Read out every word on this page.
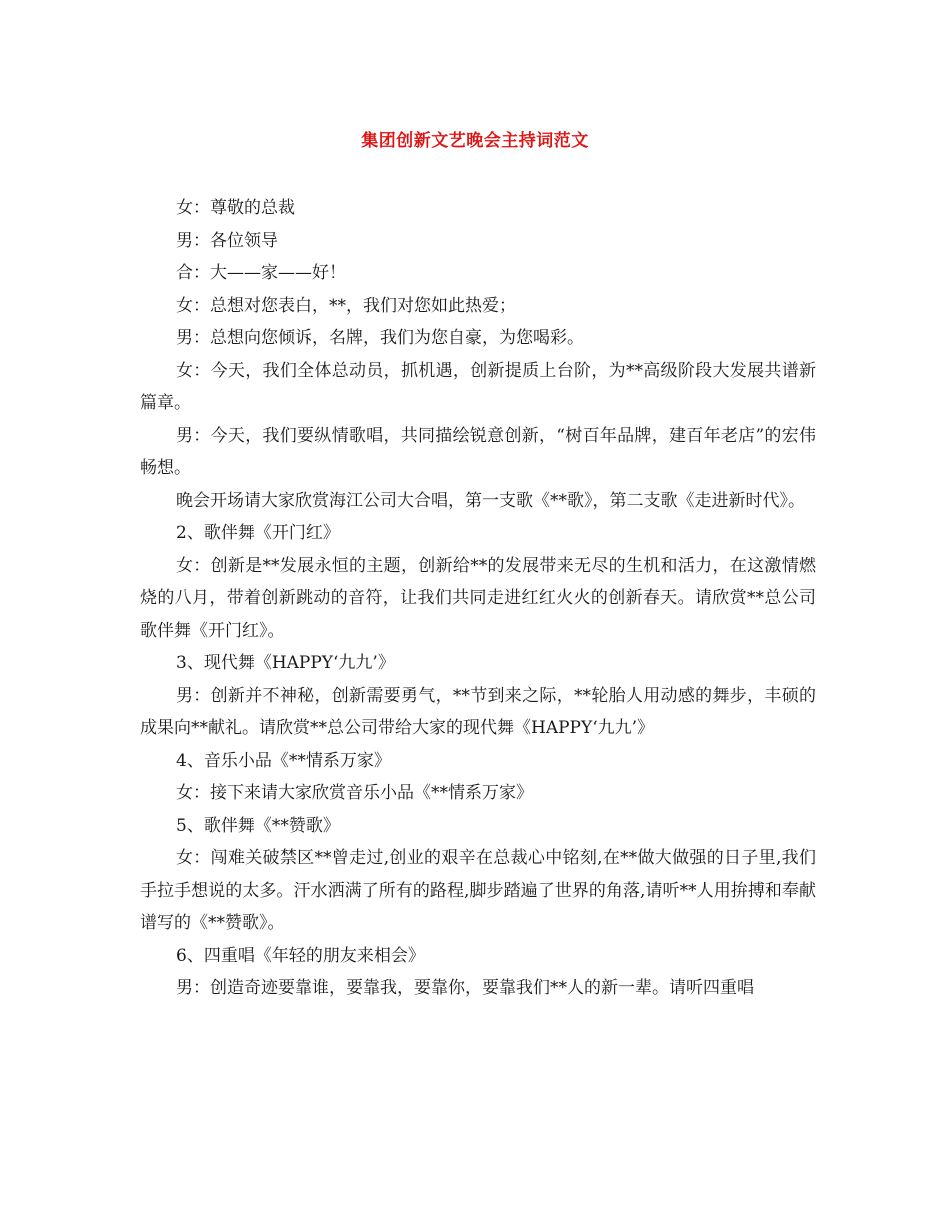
集团创新文艺晚会主持词范文

女：尊敬的总裁

男：各位领导

合：大——家——好！

女：总想对您表白，**，我们对您如此热爱；

男：总想向您倾诉，名牌，我们为您自豪，为您喝彩。

女：今天，我们全体总动员，抓机遇，创新提质上台阶，为**高级阶段大发展共谱新篇章。

男：今天，我们要纵情歌唱，共同描绘锐意创新，“树百年品牌，建百年老店”的宏伟畅想。

晚会开场请大家欣赏海江公司大合唱，第一支歌《**歌》，第二支歌《走进新时代》。

2、歌伴舞《开门红》

女：创新是**发展永恒的主题，创新给**的发展带来无尽的生机和活力，在这激情燃烧的八月，带着创新跳动的音符，让我们共同走进红红火火的创新春天。请欣赏**总公司歌伴舞《开门红》。

3、现代舞《HAPPY‘九九’》

男：创新并不神秘，创新需要勇气，**节到来之际，**轮胎人用动感的舞步，丰硕的成果向**献礼。请欣赏**总公司带给大家的现代舞《HAPPY‘九九’》

4、音乐小品《**情系万家》

女：接下来请大家欣赏音乐小品《**情系万家》

5、歌伴舞《**赞歌》

女：闯难关破禁区**曾走过,创业的艰辛在总裁心中铭刻,在**做大做强的日子里,我们手拉手想说的太多。汗水洒满了所有的路程,脚步踏遍了世界的角落,请听**人用拚搏和奉献谱写的《**赞歌》。

6、四重唱《年轻的朋友来相会》

男：创造奇迹要靠谁，要靠我，要靠你，要靠我们**人的新一辈。请听四重唱
